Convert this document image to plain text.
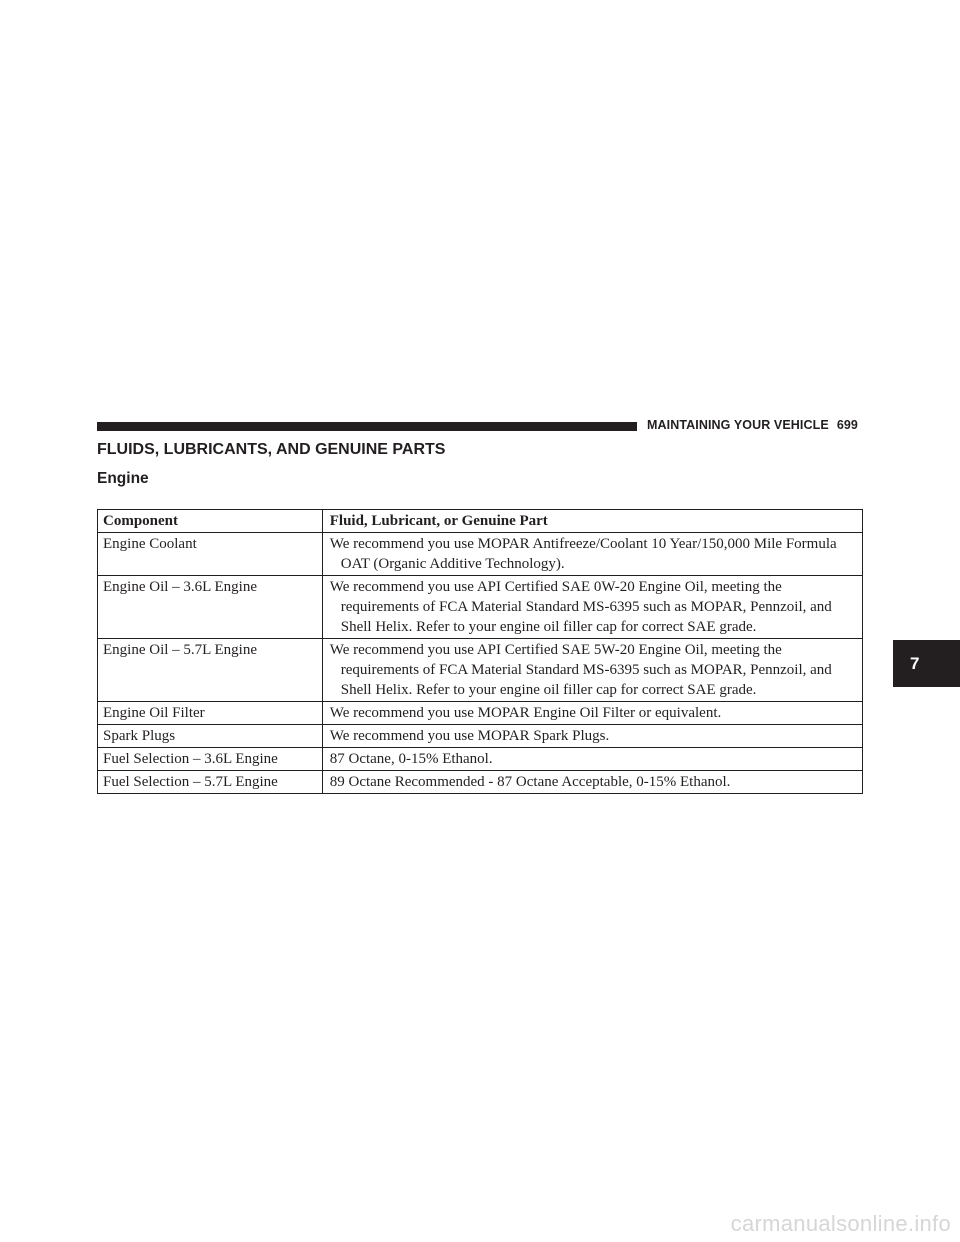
MAINTAINING YOUR VEHICLE 699
FLUIDS, LUBRICANTS, AND GENUINE PARTS
Engine
Component	Fluid, Lubricant, or Genuine Part
Engine Coolant	We recommend you use MOPAR Antifreeze/Coolant 10 Year/150,000 Mile Formula OAT (Organic Additive Technology).
Engine Oil – 3.6L Engine	We recommend you use API Certified SAE 0W-20 Engine Oil, meeting the requirements of FCA Material Standard MS-6395 such as MOPAR, Pennzoil, and Shell Helix. Refer to your engine oil filler cap for correct SAE grade.
Engine Oil – 5.7L Engine	We recommend you use API Certified SAE 5W-20 Engine Oil, meeting the requirements of FCA Material Standard MS-6395 such as MOPAR, Pennzoil, and Shell Helix. Refer to your engine oil filler cap for correct SAE grade.
Engine Oil Filter	We recommend you use MOPAR Engine Oil Filter or equivalent.
Spark Plugs	We recommend you use MOPAR Spark Plugs.
Fuel Selection – 3.6L Engine	87 Octane, 0-15% Ethanol.
Fuel Selection – 5.7L Engine	89 Octane Recommended - 87 Octane Acceptable, 0-15% Ethanol.
7
carmanualsonline.info
